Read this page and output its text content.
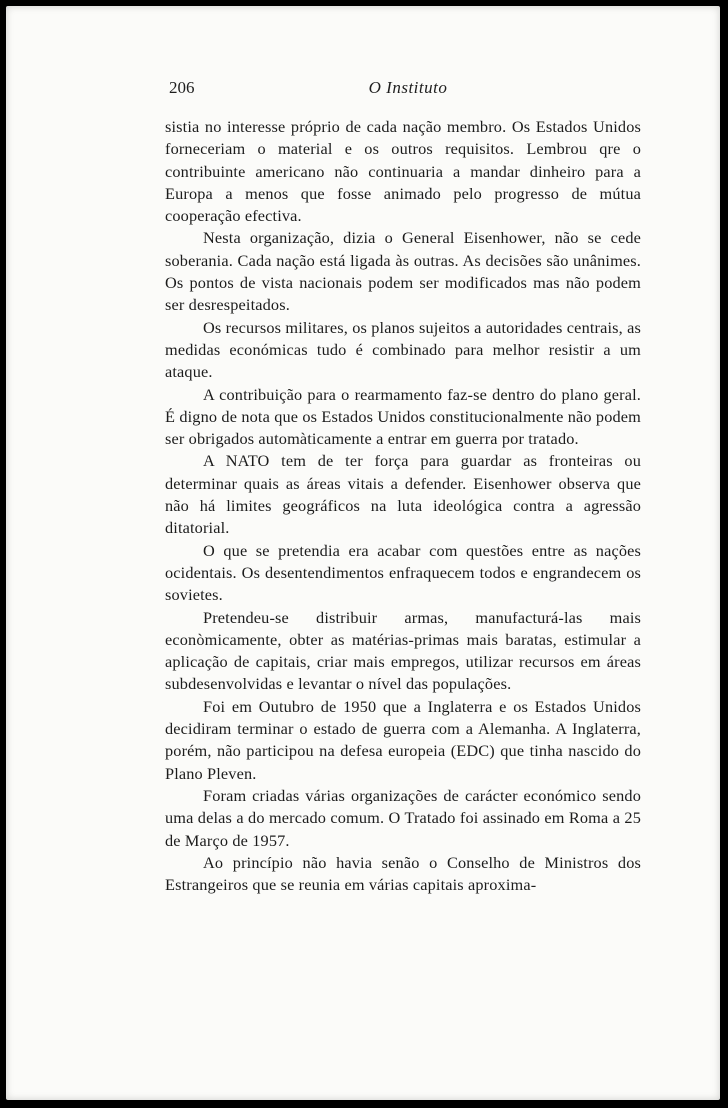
206	O Instituto

sistia no interesse próprio de cada nação membro. Os Estados Unidos forneceriam o material e os outros requisitos. Lembrou qre o contribuinte americano não continuaria a mandar dinheiro para a Europa a menos que fosse animado pelo progresso de mútua cooperação efectiva.

Nesta organização, dizia o General Eisenhower, não se cede soberania. Cada nação está ligada às outras. As decisões são unânimes. Os pontos de vista nacionais podem ser modificados mas não podem ser desrespeitados.

Os recursos militares, os planos sujeitos a autoridades centrais, as medidas económicas tudo é combinado para melhor resistir a um ataque.

A contribuição para o rearmamento faz-se dentro do plano geral. É digno de nota que os Estados Unidos constitucionalmente não podem ser obrigados automàticamente a entrar em guerra por tratado.

A NATO tem de ter força para guardar as fronteiras ou determinar quais as áreas vitais a defender. Eisenhower observa que não há limites geográficos na luta ideológica contra a agressão ditatorial.

O que se pretendia era acabar com questões entre as nações ocidentais. Os desentendimentos enfraquecem todos e engrandecem os sovietes.

Pretendeu-se distribuir armas, manufacturá-las mais econòmicamente, obter as matérias-primas mais baratas, estimular a aplicação de capitais, criar mais empregos, utilizar recursos em áreas subdesenvolvidas e levantar o nível das populações.

Foi em Outubro de 1950 que a Inglaterra e os Estados Unidos decidiram terminar o estado de guerra com a Alemanha. A Inglaterra, porém, não participou na defesa europeia (EDC) que tinha nascido do Plano Pleven.

Foram criadas várias organizações de carácter económico sendo uma delas a do mercado comum. O Tratado foi assinado em Roma a 25 de Março de 1957.

Ao princípio não havia senão o Conselho de Ministros dos Estrangeiros que se reunia em várias capitais aproxima-
